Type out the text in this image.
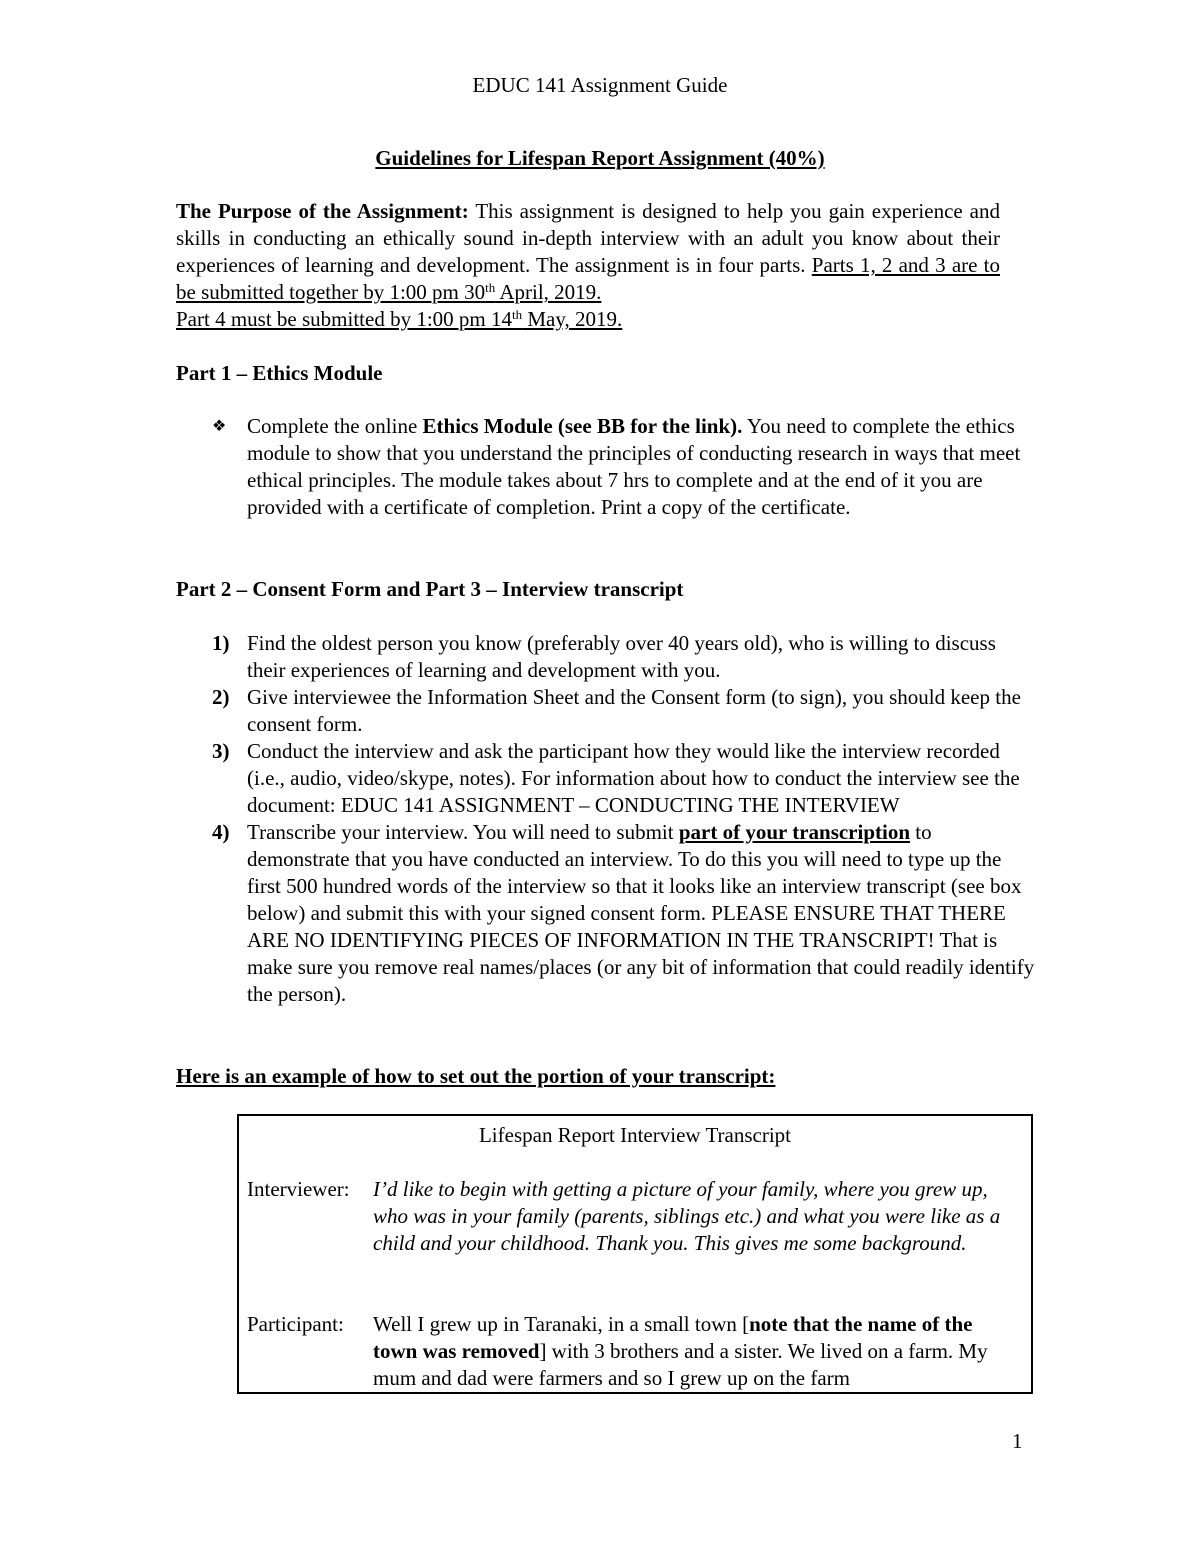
EDUC 141 Assignment Guide
Guidelines for Lifespan Report Assignment (40%)
The Purpose of the Assignment: This assignment is designed to help you gain experience and skills in conducting an ethically sound in-depth interview with an adult you know about their experiences of learning and development. The assignment is in four parts. Parts 1, 2 and 3 are to be submitted together by 1:00 pm 30th April, 2019.
Part 4 must be submitted by 1:00 pm 14th May, 2019.
Part 1 – Ethics Module
❖ Complete the online Ethics Module (see BB for the link). You need to complete the ethics module to show that you understand the principles of conducting research in ways that meet ethical principles. The module takes about 7 hrs to complete and at the end of it you are provided with a certificate of completion. Print a copy of the certificate.
Part 2 – Consent Form and Part 3 – Interview transcript
1) Find the oldest person you know (preferably over 40 years old), who is willing to discuss their experiences of learning and development with you.
2) Give interviewee the Information Sheet and the Consent form (to sign), you should keep the consent form.
3) Conduct the interview and ask the participant how they would like the interview recorded (i.e., audio, video/skype, notes). For information about how to conduct the interview see the document: EDUC 141 ASSIGNMENT – CONDUCTING THE INTERVIEW
4) Transcribe your interview. You will need to submit part of your transcription to demonstrate that you have conducted an interview. To do this you will need to type up the first 500 hundred words of the interview so that it looks like an interview transcript (see box below) and submit this with your signed consent form. PLEASE ENSURE THAT THERE ARE NO IDENTIFYING PIECES OF INFORMATION IN THE TRANSCRIPT! That is make sure you remove real names/places (or any bit of information that could readily identify the person).
Here is an example of how to set out the portion of your transcript:
Lifespan Report Interview Transcript
Interviewer: I’d like to begin with getting a picture of your family, where you grew up, who was in your family (parents, siblings etc.) and what you were like as a child and your childhood. Thank you. This gives me some background.
Participant: Well I grew up in Taranaki, in a small town [note that the name of the town was removed] with 3 brothers and a sister. We lived on a farm. My mum and dad were farmers and so I grew up on the farm
1
